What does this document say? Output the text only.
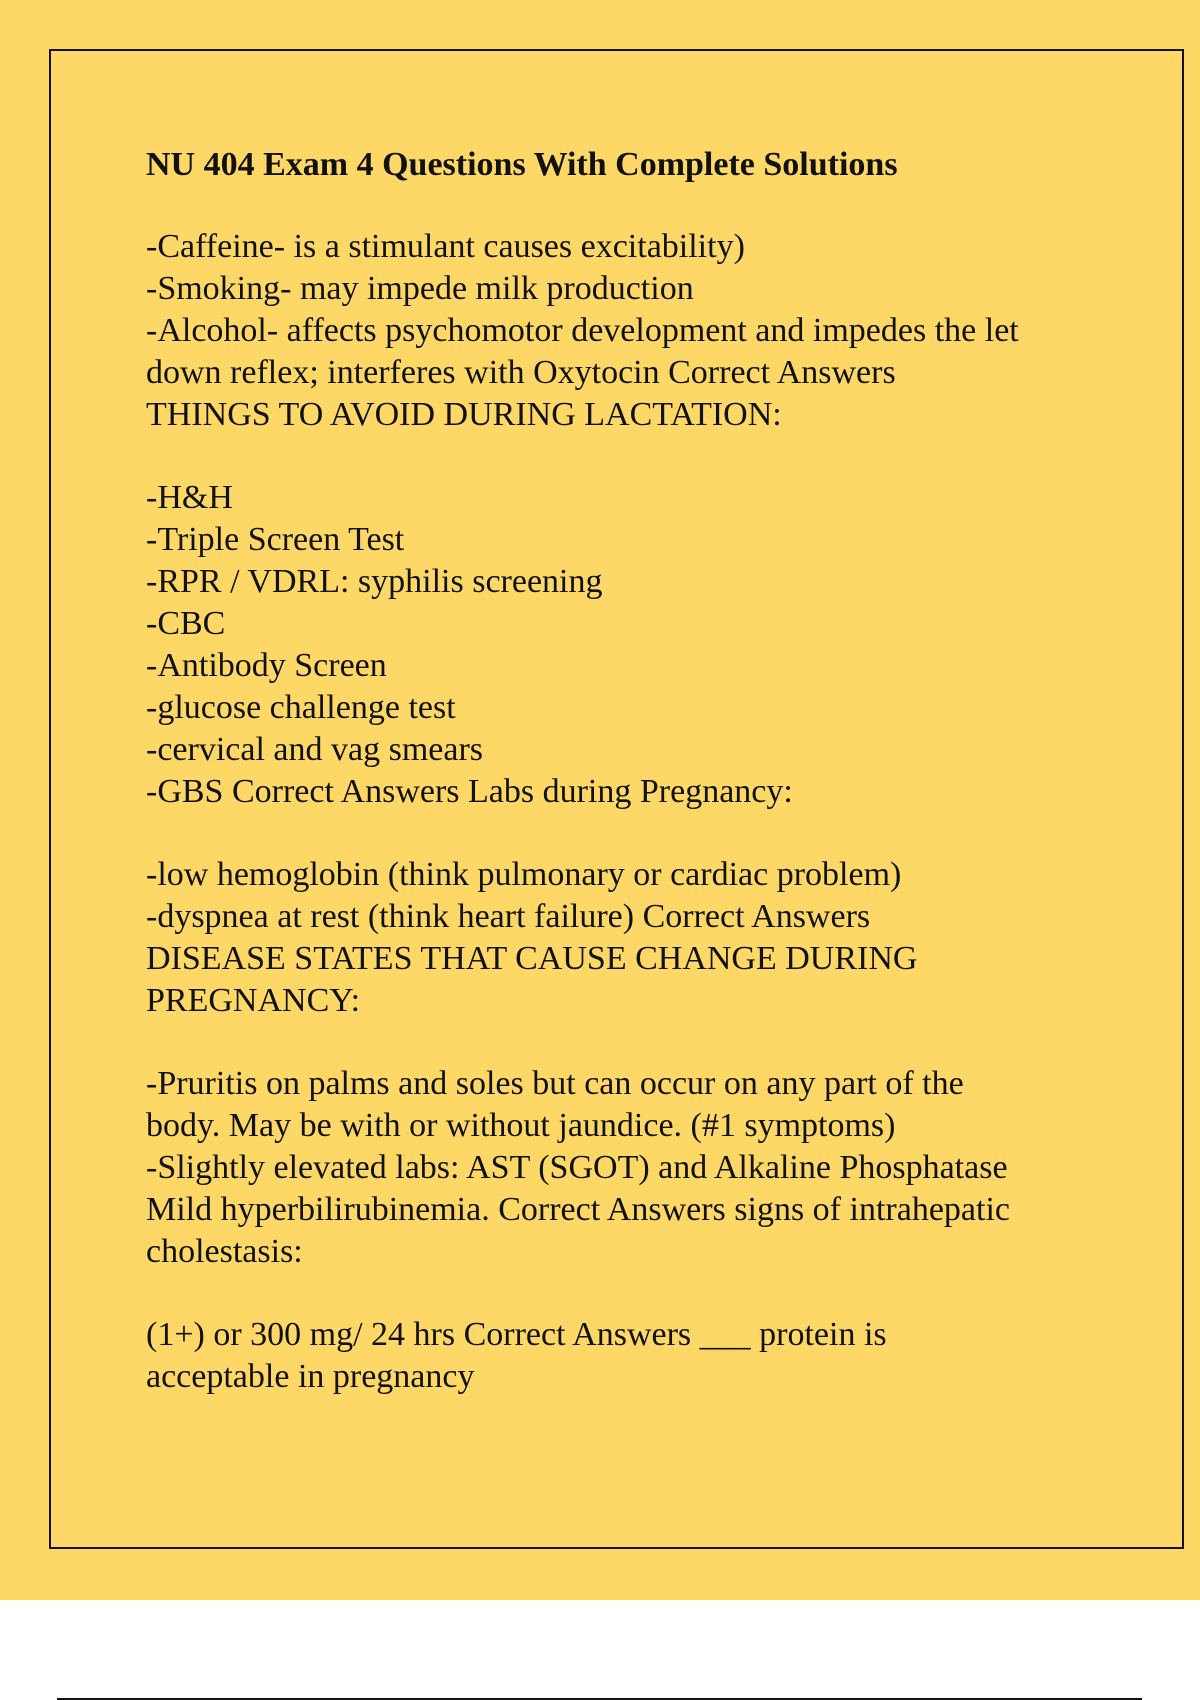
NU 404 Exam 4 Questions With Complete Solutions
-Caffeine- is a stimulant causes excitability)
-Smoking- may impede milk production
-Alcohol- affects psychomotor development and impedes the let
down reflex; interferes with Oxytocin Correct Answers
THINGS TO AVOID DURING LACTATION:
-H&H
-Triple Screen Test
-RPR / VDRL: syphilis screening
-CBC
-Antibody Screen
-glucose challenge test
-cervical and vag smears
-GBS Correct Answers Labs during Pregnancy:
-low hemoglobin (think pulmonary or cardiac problem)
-dyspnea at rest (think heart failure) Correct Answers
DISEASE STATES THAT CAUSE CHANGE DURING
PREGNANCY:
-Pruritis on palms and soles but can occur on any part of the
body. May be with or without jaundice. (#1 symptoms)
-Slightly elevated labs: AST (SGOT) and Alkaline Phosphatase
Mild hyperbilirubinemia. Correct Answers signs of intrahepatic
cholestasis:
(1+) or 300 mg/ 24 hrs Correct Answers ___ protein is
acceptable in pregnancy
